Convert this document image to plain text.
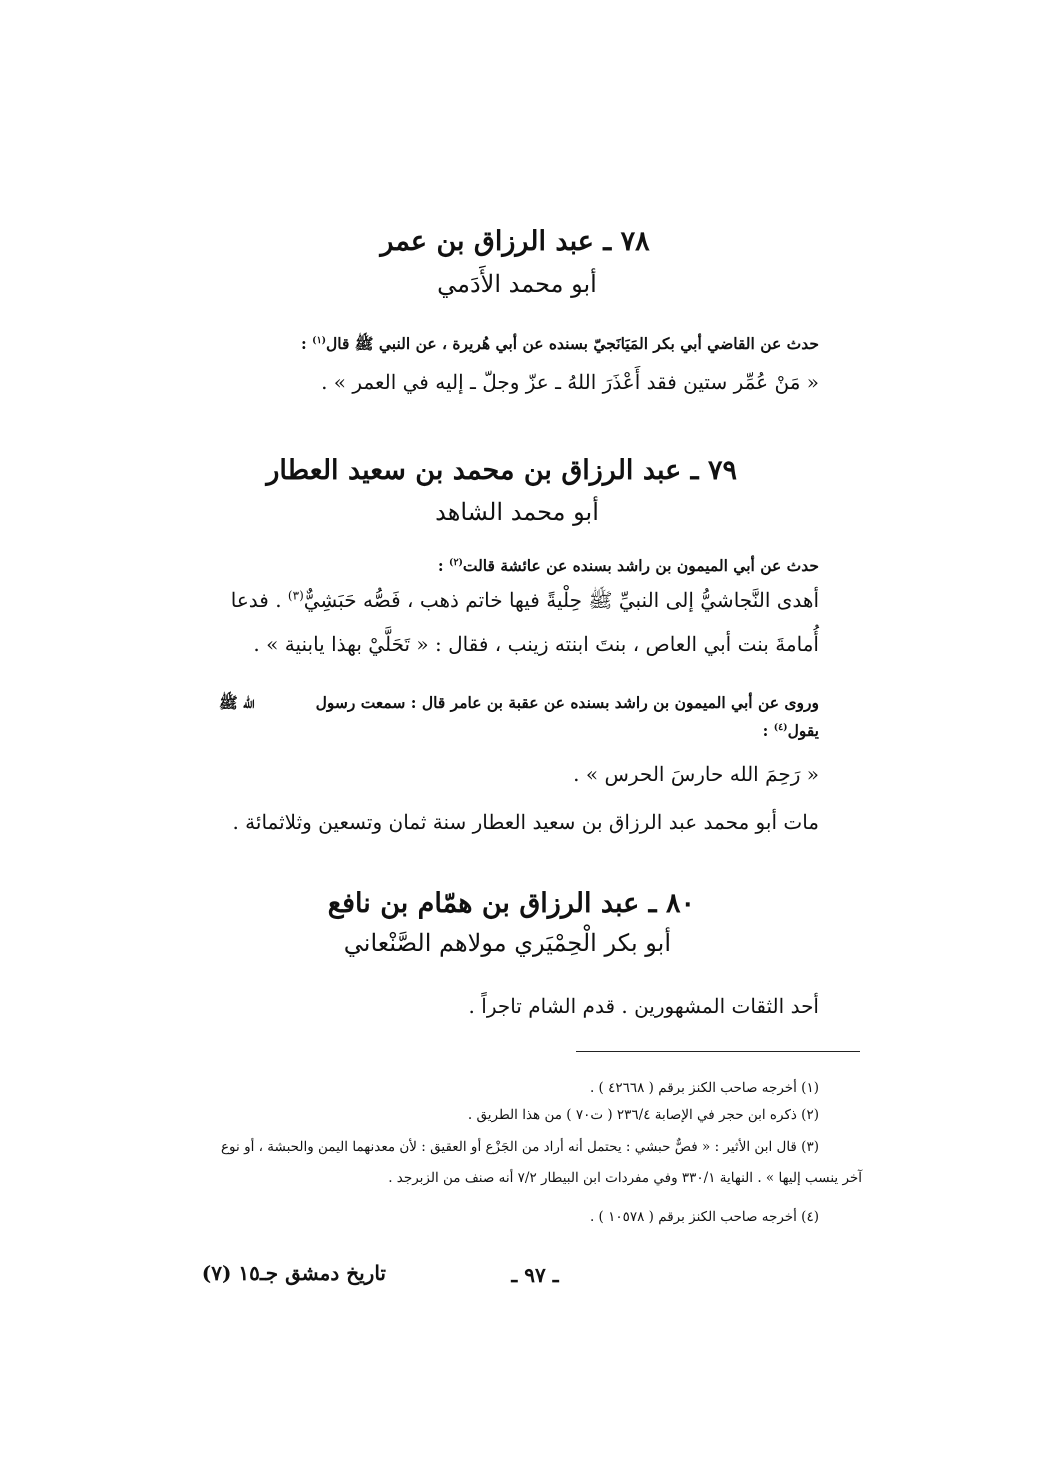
٧٨ ـ عبد الرزاق بن عمر
أبو محمد الأَدَمي
حدث عن القاضي أبي بكر المَيَانَجيّ بسنده عن أبي هُريرة ، عن النبي ﷺ قال$^{(١)}$ :
« مَنْ عُمِّر ستين فقد أَعْذَرَ اللهُ ـ عزّ وجلّ ـ إليه في العمر » .
٧٩ ـ عبد الرزاق بن محمد بن سعيد العطار
أبو محمد الشاهد
حدث عن أبي الميمون بن راشد بسنده عن عائشة قالت$^{(٢)}$ :
أهدى النَّجاشيُّ إلى النبيِّ ﷺ حِلْيةً فيها خاتم ذهب ، فَصُّه حَبَشِيٌّ$^{(٣)}$ . فدعا
أُمامةَ بنت أبي العاص ، بنتَ ابنته زينب ، فقال : « تَحَلَّيْ بهذا يابنية » .
وروى عن أبي الميمون بن راشد بسنده عن عقبة بن عامر قال : سمعت رسول
الله ﷺ
يقول$^{(٤)}$ :
« رَحِمَ الله حارسَ الحرس » .
مات أبو محمد عبد الرزاق بن سعيد العطار سنة ثمان وتسعين وثلاثمائة .
٨٠ ـ عبد الرزاق بن همّام بن نافع
أبو بكر الْحِمْيَري مولاهم الصَّنْعاني
أحد الثقات المشهورين . قدم الشام تاجراً .
(١) أخرجه صاحب الكنز برقم ( ٤٢٦٦٨ ) .
(٢) ذكره ابن حجر في الإصابة ٢٣٦/٤ ( ت٧٠ ) من هذا الطريق .
(٣) قال ابن الأثير : « فصٌّ حبشي : يحتمل أنه أراد من الجَزْع أو العقيق : لأن معدنهما اليمن والحبشة ، أو نوع
آخر ينسب إليها » . النهاية ٣٣٠/١ وفي مفردات ابن البيطار ٧/٢ أنه صنف من الزبرجد .
(٤) أخرجه صاحب الكنز برقم ( ١٠٥٧٨ ) .
ـ ٩٧ ـ
تاريخ دمشق جـ١٥ (٧)
